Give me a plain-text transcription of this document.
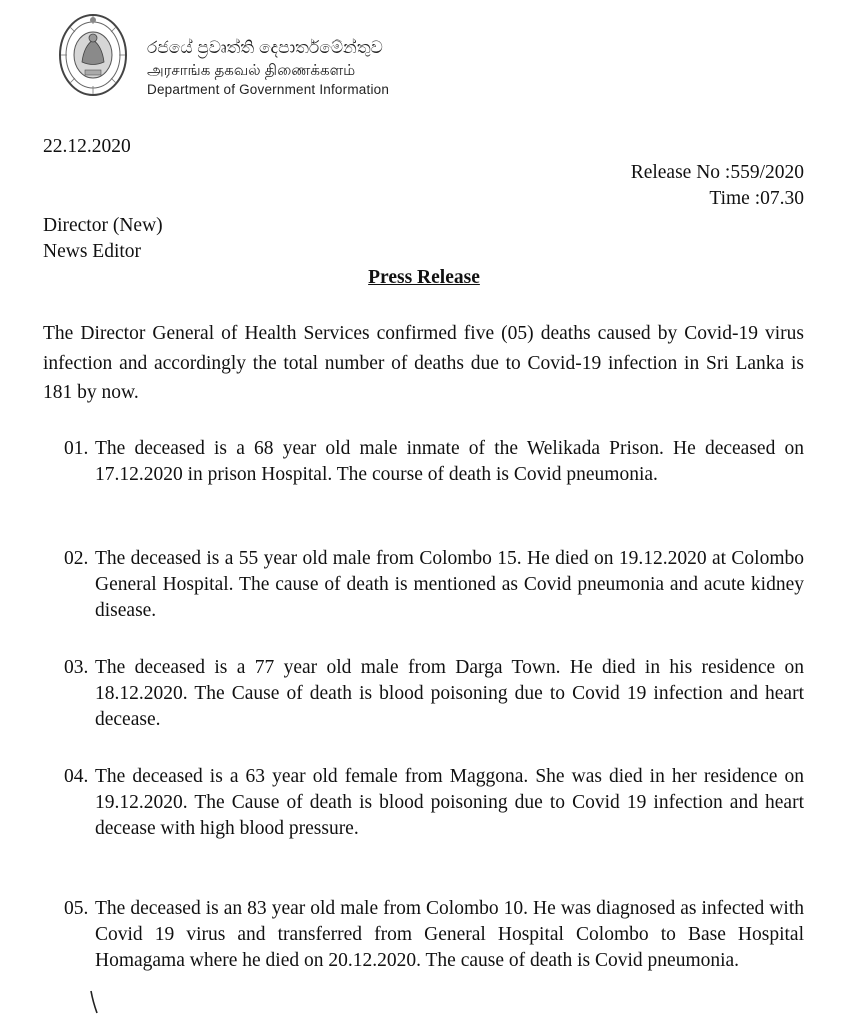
රජයේ ප්‍රවෘත්ති දෙපාර්තමේන්තුව
அரசாங்க தகவல் திணைக்களம்
Department of Government Information
22.12.2020
Release No :559/2020
Time :07.30
Director (New)
News Editor
Press Release
The Director General of Health Services confirmed five (05) deaths caused by Covid-19 virus infection and accordingly the total number of deaths due to Covid-19 infection in Sri Lanka is 181 by now.
01. The deceased is a 68 year old male inmate of the Welikada Prison. He deceased on 17.12.2020 in prison Hospital. The course of death is Covid pneumonia.
02. The deceased is a 55 year old male from Colombo 15. He died on 19.12.2020 at Colombo General Hospital. The cause of death is mentioned as Covid pneumonia and acute kidney disease.
03. The deceased is a 77 year old male from Darga Town. He died in his residence on 18.12.2020. The Cause of death is blood poisoning due to Covid 19 infection and heart decease.
04. The deceased is a 63 year old female from Maggona. She was died in her residence on 19.12.2020. The Cause of death is blood poisoning due to Covid 19 infection and heart decease with high blood pressure.
05. The deceased is an 83 year old male from Colombo 10. He was diagnosed as infected with Covid 19 virus and transferred from General Hospital Colombo to Base Hospital Homagama where he died on 20.12.2020. The cause of death is Covid pneumonia.
